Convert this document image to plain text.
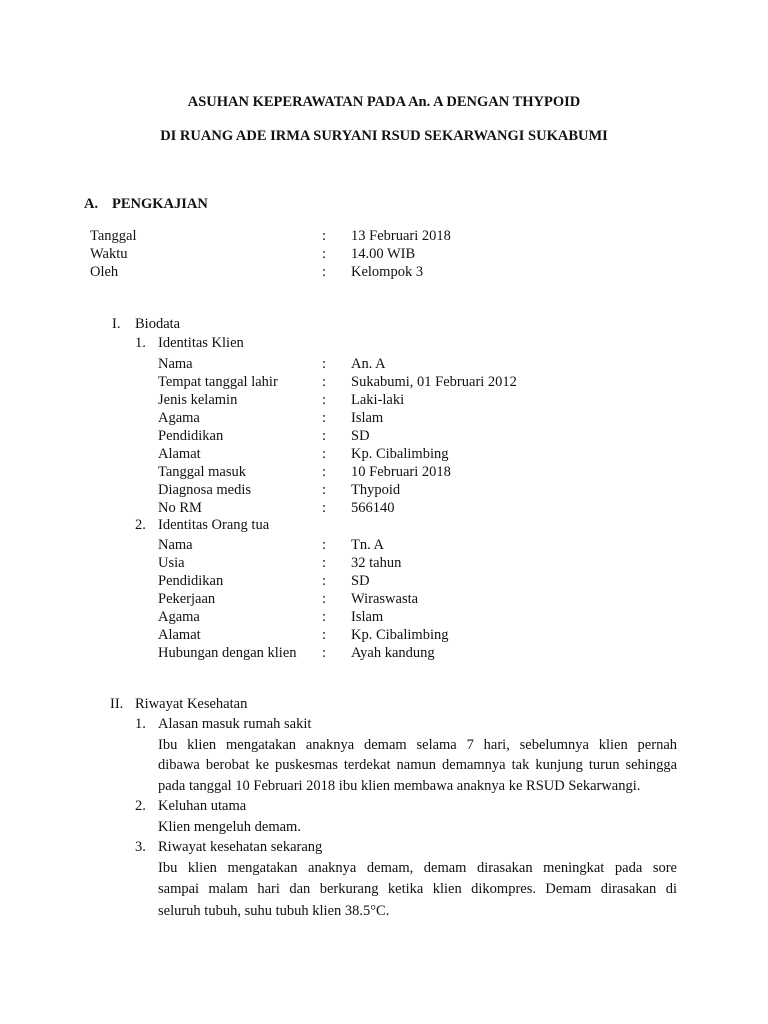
ASUHAN KEPERAWATAN PADA An. A DENGAN THYPOID
DI RUANG ADE IRMA SURYANI RSUD SEKARWANGI SUKABUMI
A. PENGKAJIAN
Tanggal	: 13 Februari 2018
Waktu	: 14.00 WIB
Oleh	: Kelompok 3
I. Biodata
1. Identitas Klien
Nama	: An. A
Tempat tanggal lahir	: Sukabumi, 01 Februari 2012
Jenis kelamin	: Laki-laki
Agama	: Islam
Pendidikan	: SD
Alamat	: Kp. Cibalimbing
Tanggal masuk	: 10 Februari 2018
Diagnosa medis	: Thypoid
No RM	: 566140
2. Identitas Orang tua
Nama	: Tn. A
Usia	: 32 tahun
Pendidikan	: SD
Pekerjaan	: Wiraswasta
Agama	: Islam
Alamat	: Kp. Cibalimbing
Hubungan dengan klien : Ayah kandung
II. Riwayat Kesehatan
1. Alasan masuk rumah sakit
Ibu klien mengatakan anaknya demam selama 7 hari, sebelumnya klien pernah
dibawa berobat ke puskesmas terdekat namun demamnya tak kunjung turun sehingga
pada tanggal 10 Februari 2018 ibu klien membawa anaknya ke RSUD Sekarwangi.
2. Keluhan utama
Klien mengeluh demam.
3. Riwayat kesehatan sekarang
Ibu klien mengatakan anaknya demam, demam dirasakan meningkat pada sore
sampai malam hari dan berkurang ketika klien dikompres. Demam dirasakan di
seluruh tubuh, suhu tubuh klien 38.5°C.
